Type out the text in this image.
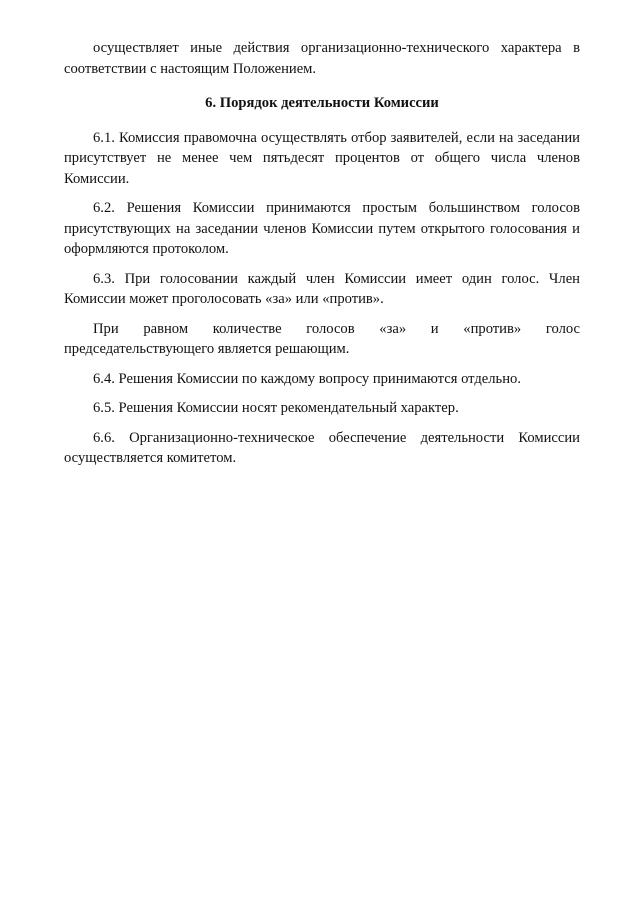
осуществляет иные действия организационно-технического характера в соответствии с настоящим Положением.

6. Порядок деятельности Комиссии

6.1. Комиссия правомочна осуществлять отбор заявителей, если на заседании присутствует не менее чем пятьдесят процентов от общего числа членов Комиссии.

6.2. Решения Комиссии принимаются простым большинством голосов присутствующих на заседании членов Комиссии путем открытого голосования и оформляются протоколом.

6.3. При голосовании каждый член Комиссии имеет один голос. Член Комиссии может проголосовать «за» или «против».

При равном количестве голосов «за» и «против» голос председательствующего является решающим.

6.4. Решения Комиссии по каждому вопросу принимаются отдельно.

6.5. Решения Комиссии носят рекомендательный характер.

6.6. Организационно-техническое обеспечение деятельности Комиссии осуществляется комитетом.
